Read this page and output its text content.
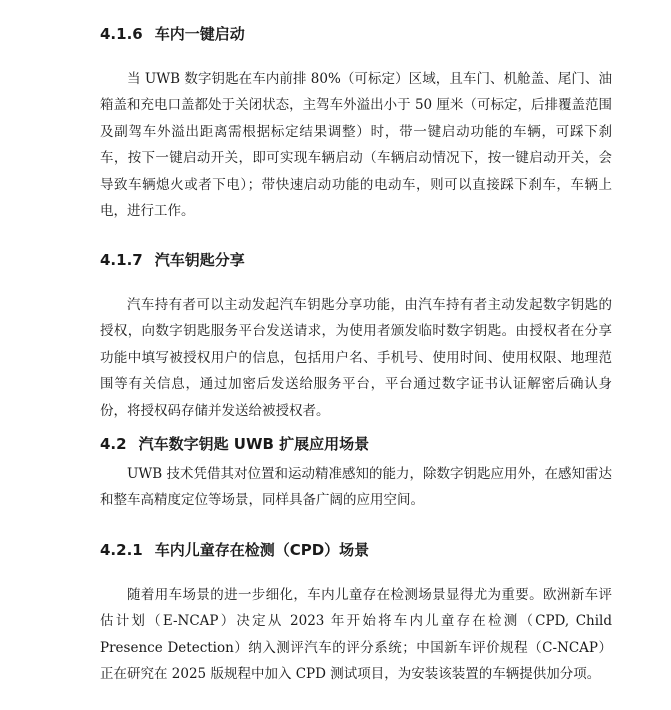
4.1.6 车内一键启动

当 UWB 数字钥匙在车内前排 80%（可标定）区域，且车门、机舱盖、尾门、油箱盖和充电口盖都处于关闭状态，主驾车外溢出小于 50 厘米（可标定，后排覆盖范围及副驾车外溢出距离需根据标定结果调整）时，带一键启动功能的车辆，可踩下刹车，按下一键启动开关，即可实现车辆启动（车辆启动情况下，按一键启动开关，会导致车辆熄火或者下电）；带快速启动功能的电动车，则可以直接踩下刹车，车辆上电，进行工作。

4.1.7 汽车钥匙分享

汽车持有者可以主动发起汽车钥匙分享功能，由汽车持有者主动发起数字钥匙的授权，向数字钥匙服务平台发送请求，为使用者颁发临时数字钥匙。由授权者在分享功能中填写被授权用户的信息，包括用户名、手机号、使用时间、使用权限、地理范围等有关信息，通过加密后发送给服务平台，平台通过数字证书认证解密后确认身份，将授权码存储并发送给被授权者。

4.2 汽车数字钥匙 UWB 扩展应用场景

UWB 技术凭借其对位置和运动精准感知的能力，除数字钥匙应用外，在感知雷达和整车高精度定位等场景，同样具备广阔的应用空间。

4.2.1 车内儿童存在检测（CPD）场景

随着用车场景的进一步细化，车内儿童存在检测场景显得尤为重要。欧洲新车评估计划（E-NCAP）决定从 2023 年开始将车内儿童存在检测（CPD, Child Presence Detection）纳入测评汽车的评分系统；中国新车评价规程（C-NCAP）正在研究在 2025 版规程中加入 CPD 测试项目，为安装该装置的车辆提供加分项。
